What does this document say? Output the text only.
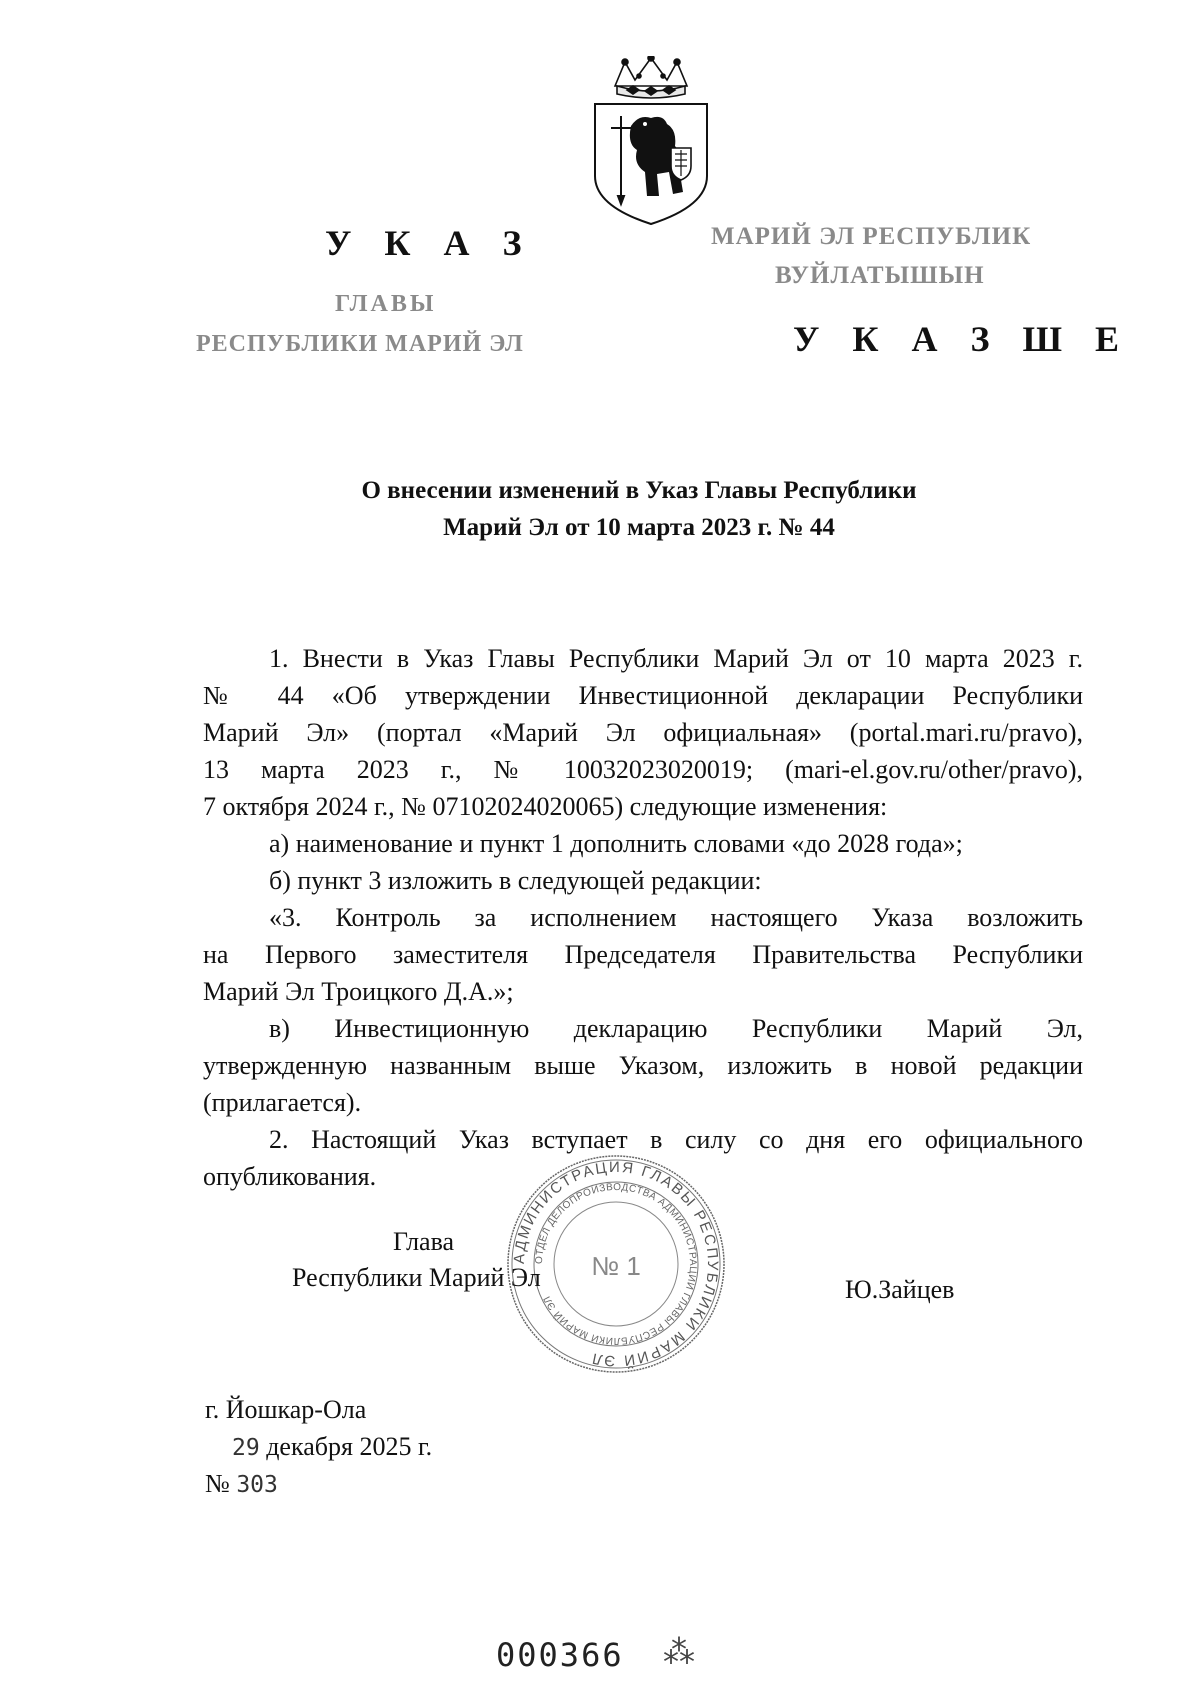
У К А З
ГЛАВЫ
РЕСПУБЛИКИ МАРИЙ ЭЛ
МАРИЙ ЭЛ РЕСПУБЛИК
ВУЙЛАТЫШЫН
У К А З Ш Е
О внесении изменений в Указ Главы Республики
Марий Эл от 10 марта 2023 г. № 44

1. Внести в Указ Главы Республики Марий Эл от 10 марта 2023 г.

№ 44 «Об утверждении Инвестиционной декларации Республики

Марий Эл» (портал «Марий Эл официальная» (portal.mari.ru/pravo),

13 марта 2023 г., № 10032023020019; (mari-el.gov.ru/other/pravo),

7 октября 2024 г., № 07102024020065) следующие изменения:

а) наименование и пункт 1 дополнить словами «до 2028 года»;

б) пункт 3 изложить в следующей редакции:

«3. Контроль за исполнением настоящего Указа возложить

на Первого заместителя Председателя Правительства Республики

Марий Эл Троицкого Д.А.»;

в) Инвестиционную декларацию Республики Марий Эл,

утвержденную названным выше Указом, изложить в новой редакции

(прилагается).

2. Настоящий Указ вступает в силу со дня его официального

опубликования.

АДМИНИСТРАЦИЯ ГЛАВЫ РЕСПУБЛИКИ МАРИЙ ЭЛ
ОТДЕЛ ДЕЛОПРОИЗВОДСТВА АДМИНИСТРАЦИИ ГЛАВЫ РЕСПУБЛИКИ МАРИЙ ЭЛ
№ 1
Глава
Республики Марий Эл	Ю.Зайцев
г. Йошкар-Ола
29 декабря 2025 г.
№ 303
000366 ⁂
